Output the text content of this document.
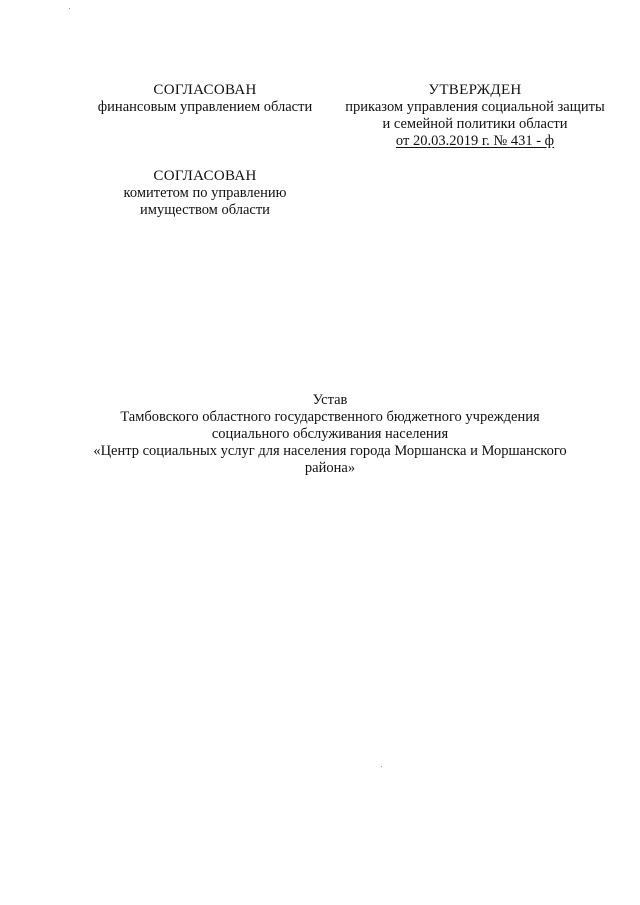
СОГЛАСОВАН
финансовым управлением области
УТВЕРЖДЕН
приказом управления социальной защиты
и семейной политики области
от 20.03.2019 г. № 431 - ф
СОГЛАСОВАН
комитетом по управлению
имуществом области
Устав
Тамбовского областного государственного бюджетного учреждения
социального обслуживания населения
«Центр социальных услуг для населения города Моршанска и Моршанского
района»
